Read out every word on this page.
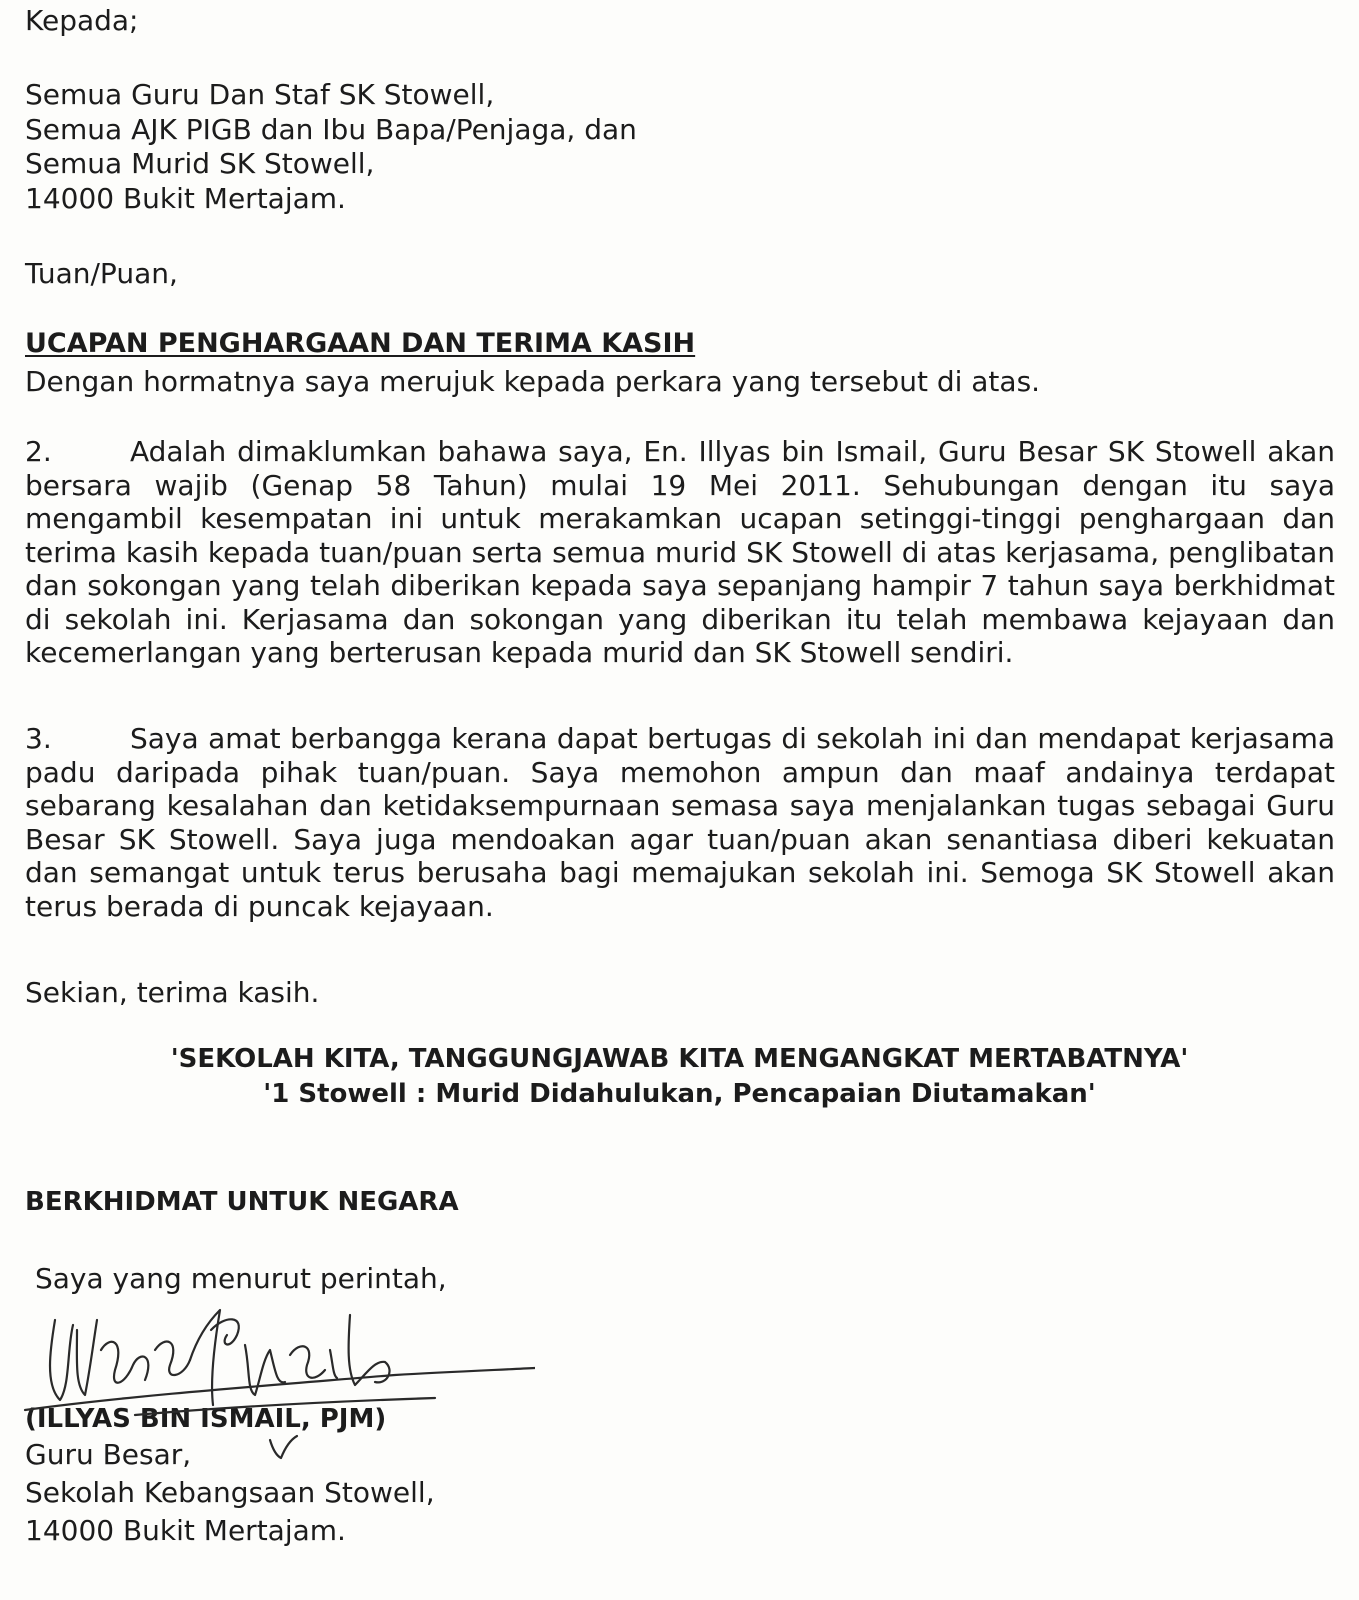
Kepada;
Semua Guru Dan Staf SK Stowell,
Semua AJK PIGB dan Ibu Bapa/Penjaga, dan
Semua Murid SK Stowell,
14000 Bukit Mertajam.
Tuan/Puan,
UCAPAN PENGHARGAAN DAN TERIMA KASIH
Dengan hormatnya saya merujuk kepada perkara yang tersebut di atas.
2.	Adalah dimaklumkan bahawa saya, En. Illyas bin Ismail, Guru Besar SK Stowell akan bersara wajib (Genap 58 Tahun) mulai 19 Mei 2011. Sehubungan dengan itu saya mengambil kesempatan ini untuk merakamkan ucapan setinggi-tinggi penghargaan dan terima kasih kepada tuan/puan serta semua murid SK Stowell di atas kerjasama, penglibatan dan sokongan yang telah diberikan kepada saya sepanjang hampir 7 tahun saya berkhidmat di sekolah ini. Kerjasama dan sokongan yang diberikan itu telah membawa kejayaan dan kecemerlangan yang berterusan kepada murid dan SK Stowell sendiri.
3.	Saya amat berbangga kerana dapat bertugas di sekolah ini dan mendapat kerjasama padu daripada pihak tuan/puan. Saya memohon ampun dan maaf andainya terdapat sebarang kesalahan dan ketidaksempurnaan semasa saya menjalankan tugas sebagai Guru Besar SK Stowell. Saya juga mendoakan agar tuan/puan akan senantiasa diberi kekuatan dan semangat untuk terus berusaha bagi memajukan sekolah ini. Semoga SK Stowell akan terus berada di puncak kejayaan.
Sekian, terima kasih.
'SEKOLAH KITA, TANGGUNGJAWAB KITA MENGANGKAT MERTABATNYA'
'1 Stowell : Murid Didahulukan, Pencapaian Diutamakan'
BERKHIDMAT UNTUK NEGARA
Saya yang menurut perintah,
(ILLYAS BIN ISMAIL, PJM)
Guru Besar,
Sekolah Kebangsaan Stowell,
14000 Bukit Mertajam.
